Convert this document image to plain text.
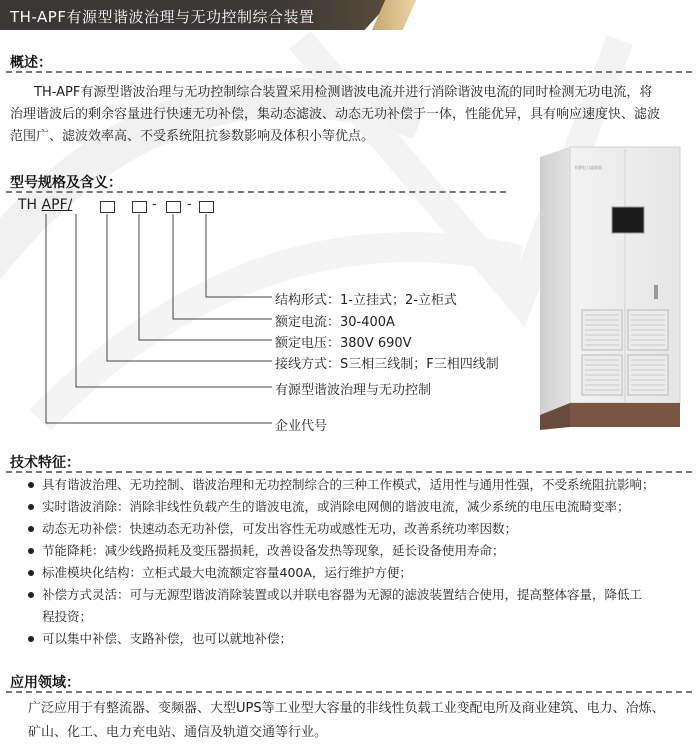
TH-APF有源型谐波治理与无功控制综合装置
概述：
TH-APF有源型谐波治理与无功控制综合装置采用检测谐波电流并进行消除谐波电流的同时检测无功电流，将
治理谐波后的剩余容量进行快速无功补偿，集动态滤波、动态无功补偿于一体，性能优异，具有响应速度快、滤波
范围广、滤波效率高、不受系统阻抗参数影响及体积小等优点。
型号规格及含义：
TH APF/	- -
结构形式：1-立挂式；2-立柜式
额定电流：30-400A
额定电压：380V 690V
接线方式：S三相三线制；F三相四线制
有源型谐波治理与无功控制
企业代号
有源电力滤波器
技术特征：
具有谐波治理、无功控制、谐波治理和无功控制综合的三种工作模式，适用性与通用性强，不受系统阻抗影响；
实时谐波消除：消除非线性负载产生的谐波电流，或消除电网侧的谐波电流，减少系统的电压电流畸变率；
动态无功补偿：快速动态无功补偿，可发出容性无功或感性无功，改善系统功率因数；
节能降耗：减少线路损耗及变压器损耗，改善设备发热等现象，延长设备使用寿命；
标准模块化结构：立柜式最大电流额定容量400A，运行维护方便；
补偿方式灵活：可与无源型谐波消除装置或以并联电容器为无源的滤波装置结合使用，提高整体容量，降低工
程投资；
可以集中补偿、支路补偿，也可以就地补偿；
应用领域：
广泛应用于有整流器、变频器、大型UPS等工业型大容量的非线性负载工业变配电所及商业建筑、电力、冶炼、
矿山、化工、电力充电站、通信及轨道交通等行业。
